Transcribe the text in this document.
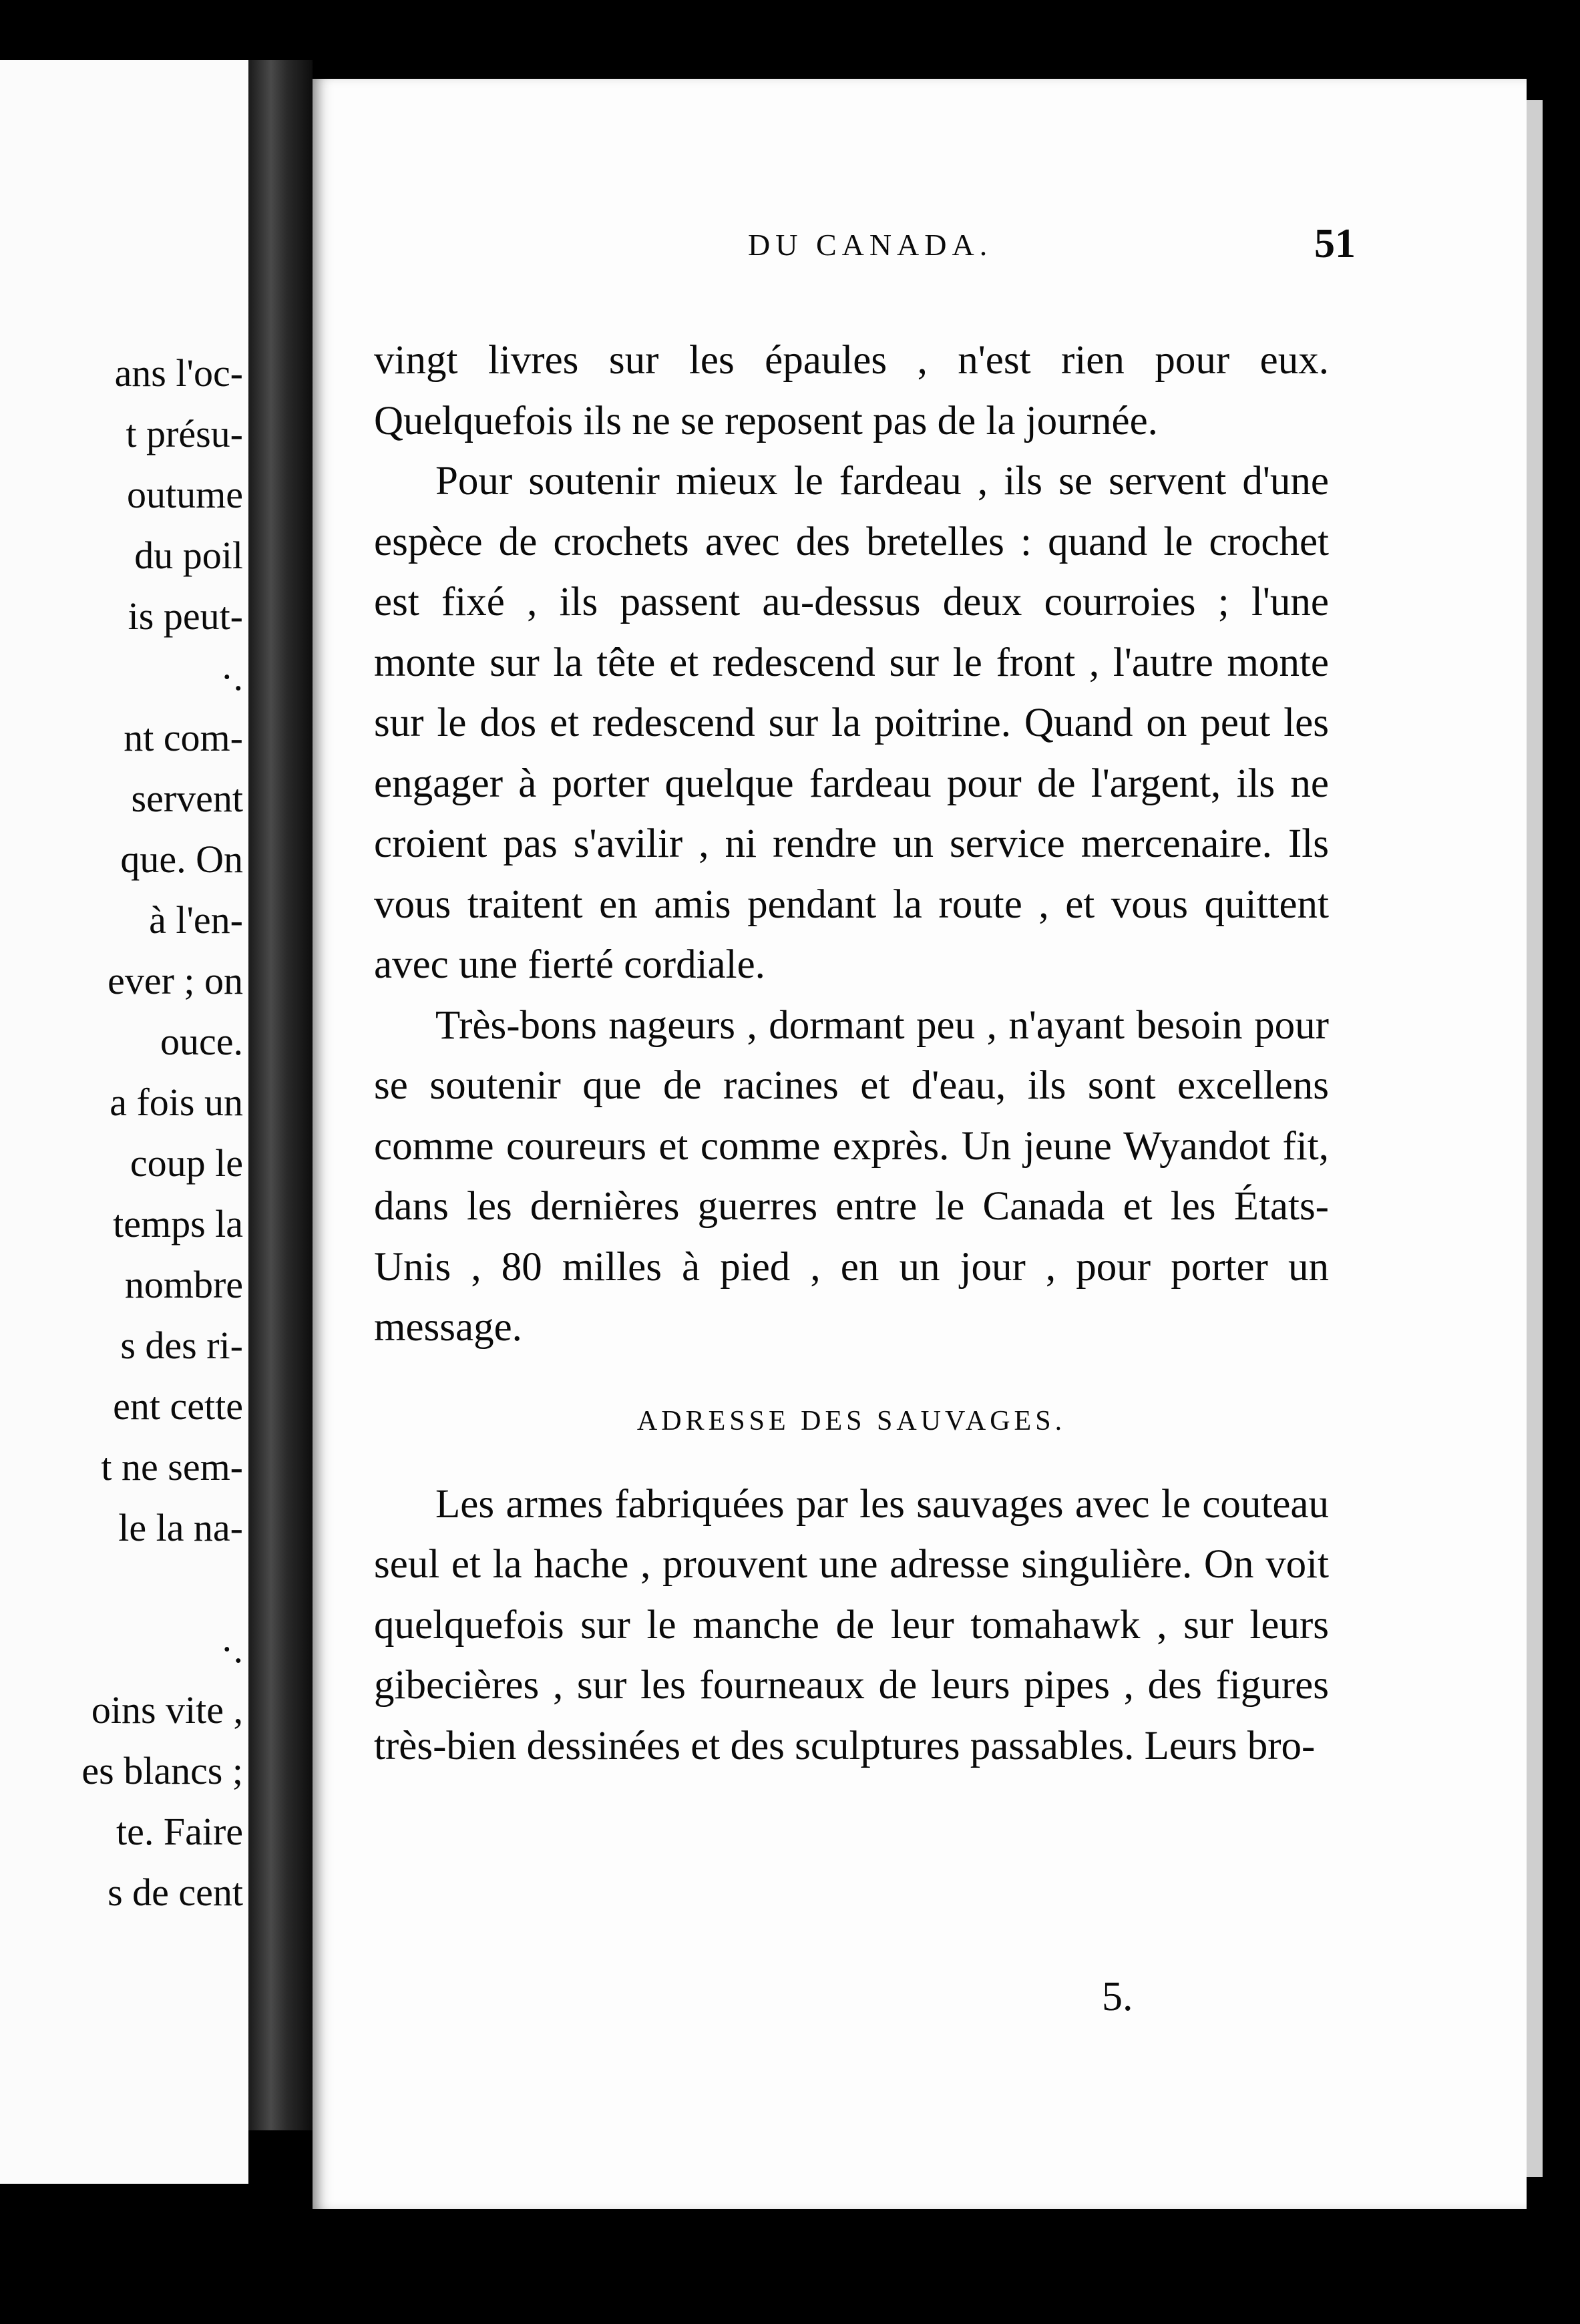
ans l'oc-
t présu-
outume
du poil
is peut-
·.
nt com-
servent
que. On
à l'en-
ever ; on
ouce.
a fois un
coup le
temps la
nombre
s des ri-
ent cette
t ne sem-
le la na-
·.
oins vite ,
es blancs ;
te. Faire
s de cent
DU CANADA.	51

vingt livres sur les épaules , n'est rien pour eux. Quelquefois ils ne se reposent pas de la journée.

Pour soutenir mieux le fardeau , ils se servent d'une espèce de crochets avec des bretelles : quand le crochet est fixé , ils passent au-dessus deux courroies ; l'une monte sur la tête et redescend sur le front , l'autre monte sur le dos et redescend sur la poitrine. Quand on peut les engager à porter quelque fardeau pour de l'argent, ils ne croient pas s'avilir , ni rendre un service mercenaire. Ils vous traitent en amis pendant la route , et vous quittent avec une fierté cordiale.

Très-bons nageurs , dormant peu , n'ayant besoin pour se soutenir que de racines et d'eau, ils sont excellens comme coureurs et comme exprès. Un jeune Wyandot fit, dans les dernières guerres entre le Canada et les États-Unis , 80 milles à pied , en un jour , pour porter un message.

ADRESSE DES SAUVAGES.

Les armes fabriquées par les sauvages avec le couteau seul et la hache , prouvent une adresse singulière. On voit quelquefois sur le manche de leur tomahawk , sur leurs gibecières , sur les fourneaux de leurs pipes , des figures très-bien dessinées et des sculptures passables. Leurs bro-

5.
